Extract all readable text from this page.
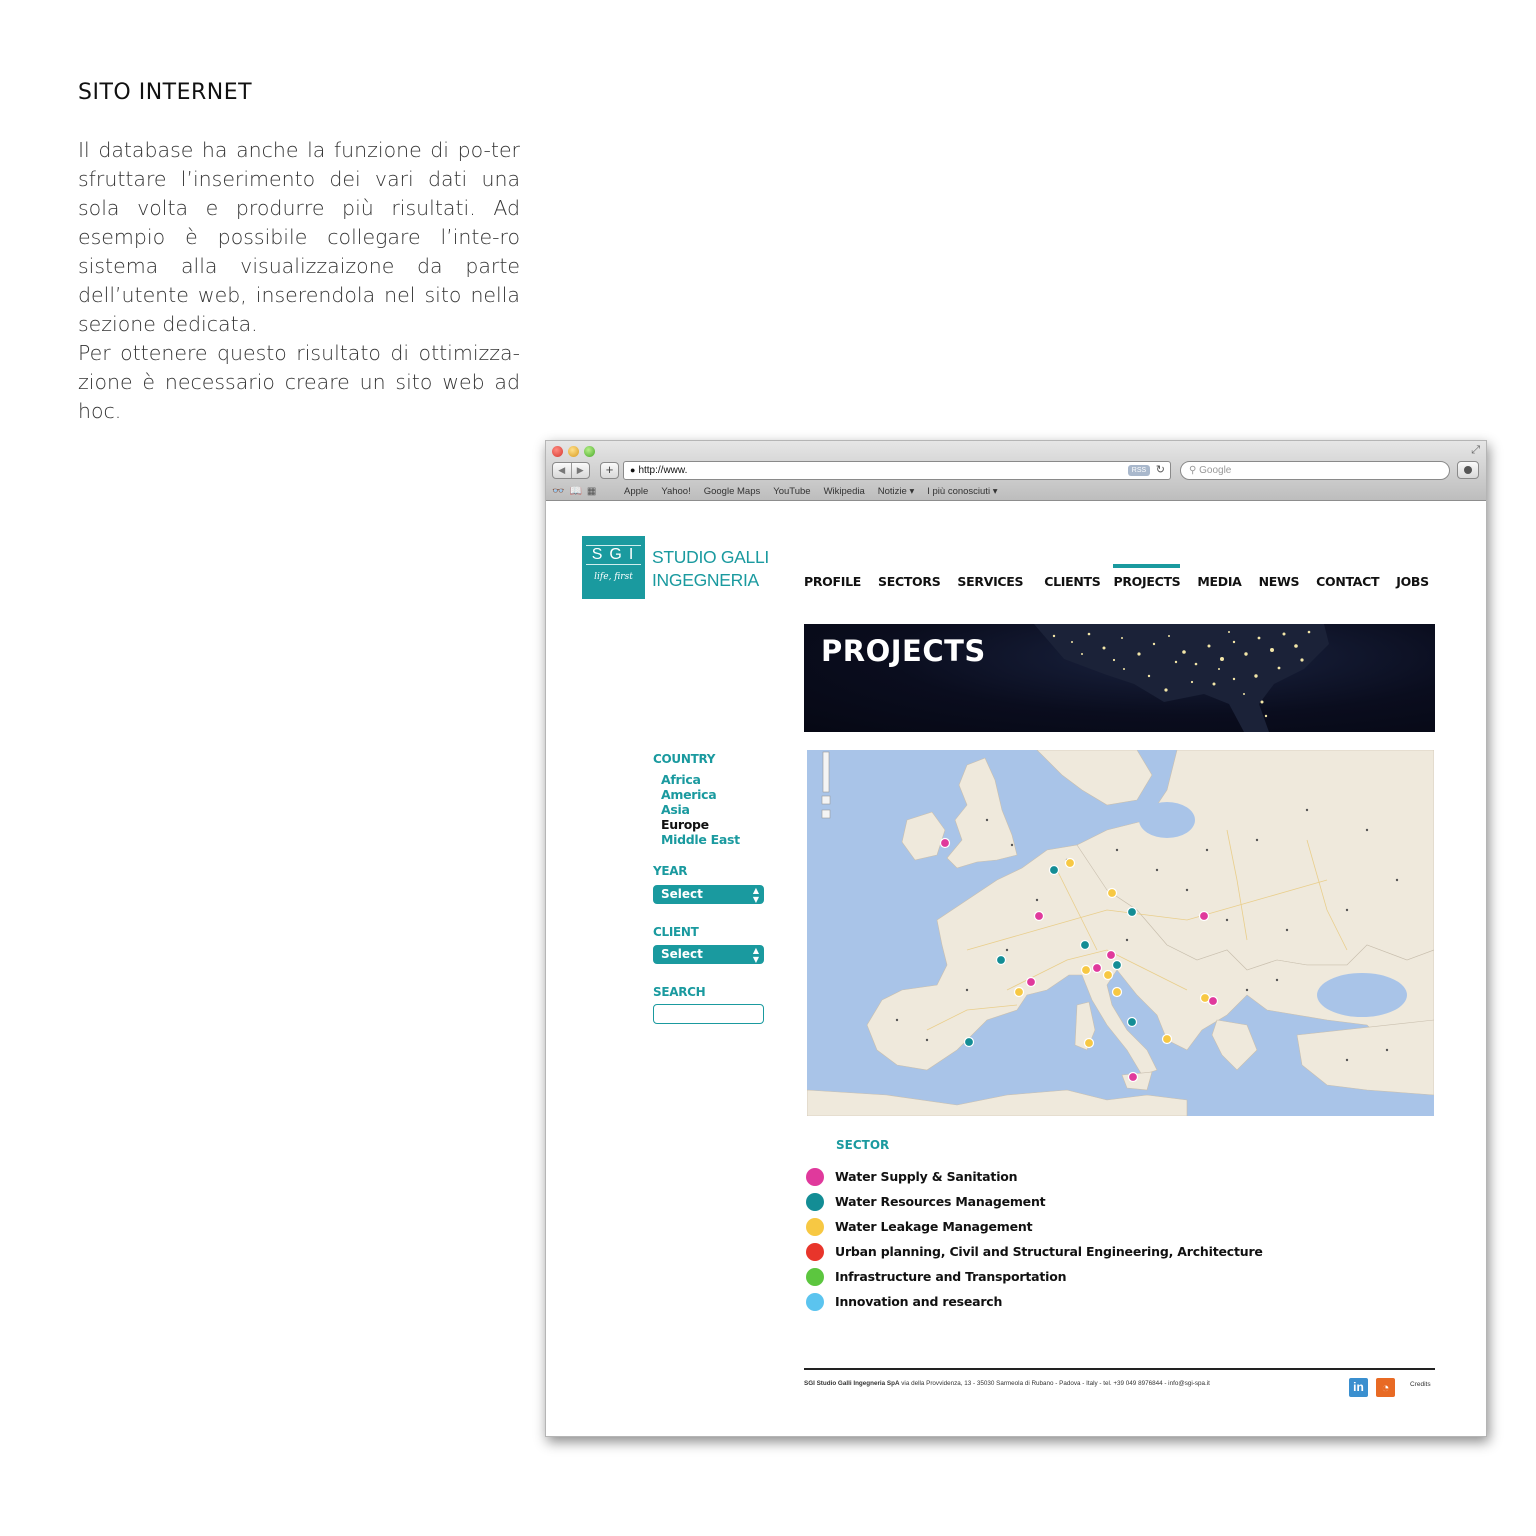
SITO INTERNET

Il database ha anche la funzione di po-ter sfruttare l’inserimento dei vari dati una sola volta e produrre più risultati. Ad esempio è possibile collegare l’inte-ro sistema alla visualizzaizone da parte dell’utente web, inserendola nel sito nella sezione dedicata.

Per ottenere questo risultato di ottimizza-zione è necessario creare un sito web ad hoc.

⤢
◀	▶	+	● http://www.	RSS ↻	⚲ Google
👓📖▦	Apple Yahoo! Google Maps YouTube Wikipedia Notizie ▾ I più conosciuti ▾
SGI
life, first
STUDIO GALLI
INGEGNERIA	PROFILE SECTORS SERVICES CLIENTS PROJECTS MEDIA NEWS CONTACT JOBS
PROJECTS
COUNTRY
Africa
America
Asia
Europe
Middle East
YEAR
Select	▲
▼
CLIENT
Select	▲
▼
SEARCH
SECTOR
Water Supply & Sanitation
Water Resources Management
Water Leakage Management
Urban planning, Civil and Structural Engineering, Architecture
Infrastructure and Transportation
Innovation and research
SGI Studio Galli Ingegneria SpA via della Provvidenza, 13 - 35030 Sarmeola di Rubano - Padova - Italy - tel. +39 049 8976844 - info@sgi-spa.it	in	◔	Credits
